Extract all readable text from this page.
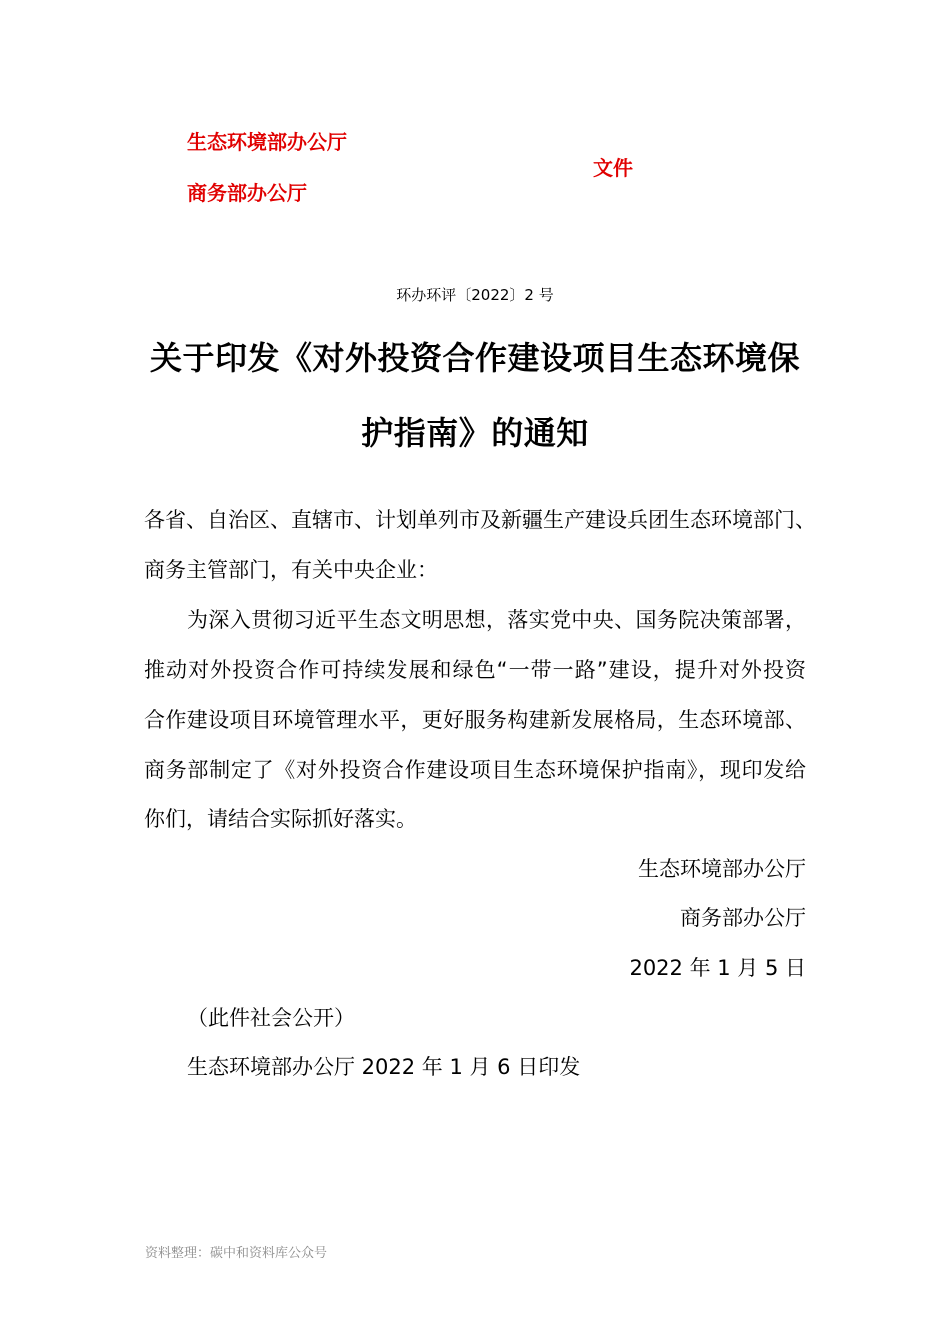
生态环境部办公厅
商务部办公厅
文件
环办环评〔2022〕2 号
关于印发《对外投资合作建设项目生态环境保
护指南》的通知
各省、自治区、直辖市、计划单列市及新疆生产建设兵团生态环境部门、
商务主管部门，有关中央企业：
为深入贯彻习近平生态文明思想，落实党中央、国务院决策部署，
推动对外投资合作可持续发展和绿色“一带一路”建设，提升对外投资
合作建设项目环境管理水平，更好服务构建新发展格局，生态环境部、
商务部制定了《对外投资合作建设项目生态环境保护指南》，现印发给
你们，请结合实际抓好落实。
生态环境部办公厅
商务部办公厅
2022 年 1 月 5 日
（此件社会公开）
生态环境部办公厅 2022 年 1 月 6 日印发
资料整理：碳中和资料库公众号
